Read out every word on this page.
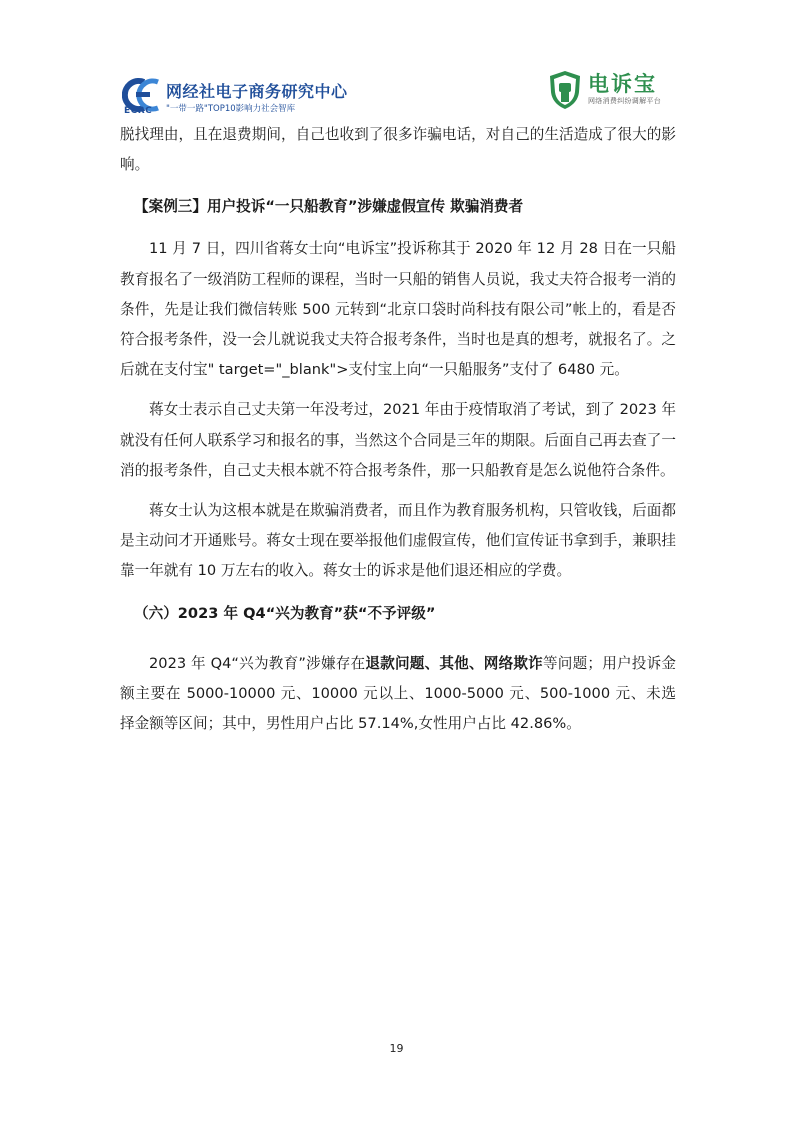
网经社电子商务研究中心
"一带一路"TOP10影响力社会智库
ECRC
电诉宝
网络消费纠纷调解平台

脱找理由，且在退费期间，自己也收到了很多诈骗电话，对自己的生活造成了很大的影响。

【案例三】用户投诉“一只船教育”涉嫌虚假宣传 欺骗消费者

11 月 7 日，四川省蒋女士向“电诉宝”投诉称其于 2020 年 12 月 28 日在一只船教育报名了一级消防工程师的课程，当时一只船的销售人员说，我丈夫符合报考一消的条件，先是让我们微信转账 500 元转到“北京口袋时尚科技有限公司”帐上的，看是否符合报考条件，没一会儿就说我丈夫符合报考条件，当时也是真的想考，就报名了。之后就在支付宝" target="_blank">支付宝上向“一只船服务”支付了 6480 元。

蒋女士表示自己丈夫第一年没考过，2021 年由于疫情取消了考试，到了 2023 年就没有任何人联系学习和报名的事，当然这个合同是三年的期限。后面自己再去查了一消的报考条件，自己丈夫根本就不符合报考条件，那一只船教育是怎么说他符合条件。

蒋女士认为这根本就是在欺骗消费者，而且作为教育服务机构，只管收钱，后面都是主动问才开通账号。蒋女士现在要举报他们虚假宣传，他们宣传证书拿到手，兼职挂靠一年就有 10 万左右的收入。蒋女士的诉求是他们退还相应的学费。

（六）2023 年 Q4“兴为教育”获“不予评级”

2023 年 Q4“兴为教育”涉嫌存在退款问题、其他、网络欺诈等问题；用户投诉金额主要在 5000-10000 元、10000 元以上、1000-5000 元、500-1000 元、未选择金额等区间；其中，男性用户占比 57.14%,女性用户占比 42.86%。

19
